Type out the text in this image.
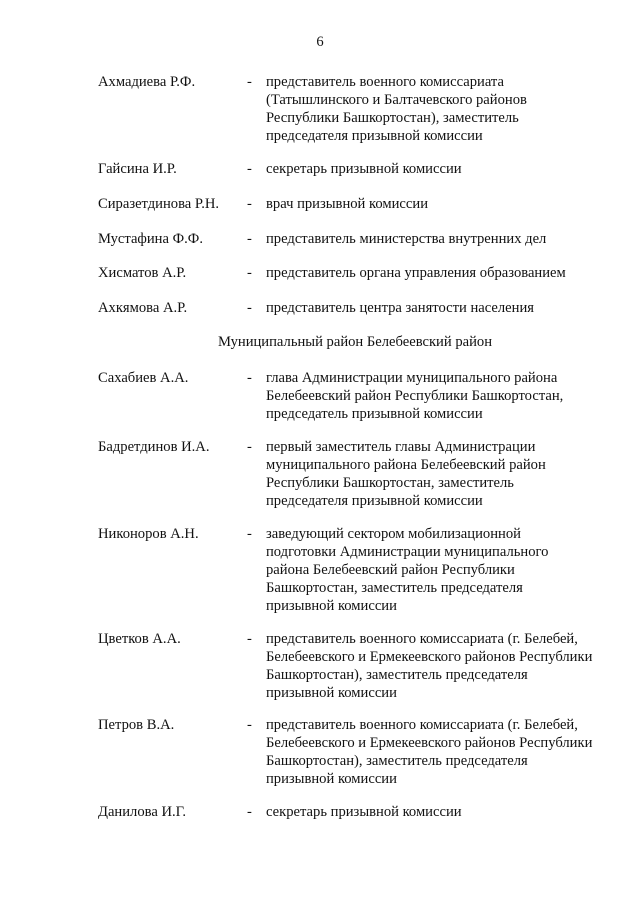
6
Ахмадиева Р.Ф.	- представитель военного комиссариата
(Татышлинского и Балтачевского районов
Республики Башкортостан), заместитель
председателя призывной комиссии
Гайсина И.Р.	- секретарь призывной комиссии
Сиразетдинова Р.Н. - врач призывной комиссии
Мустафина Ф.Ф.	- представитель министерства внутренних дел
Хисматов А.Р.	- представитель органа управления образованием
Ахкямова А.Р.	- представитель центра занятости населения
Муниципальный район Белебеевский район
Сахабиев А.А.	- глава Администрации муниципального района
Белебеевский район Республики Башкортостан,
председатель призывной комиссии
Бадретдинов И.А.	- первый заместитель главы Администрации
муниципального района Белебеевский район
Республики Башкортостан, заместитель
председателя призывной комиссии
Никоноров А.Н.	- заведующий сектором мобилизационной
подготовки Администрации муниципального
района Белебеевский район Республики
Башкортостан, заместитель председателя
призывной комиссии
Цветков А.А.	- представитель военного комиссариата (г. Белебей,
Белебеевского и Ермекеевского районов Республики
Башкортостан), заместитель председателя
призывной комиссии
Петров В.А.	- представитель военного комиссариата (г. Белебей,
Белебеевского и Ермекеевского районов Республики
Башкортостан), заместитель председателя
призывной комиссии
Данилова И.Г.	- секретарь призывной комиссии
